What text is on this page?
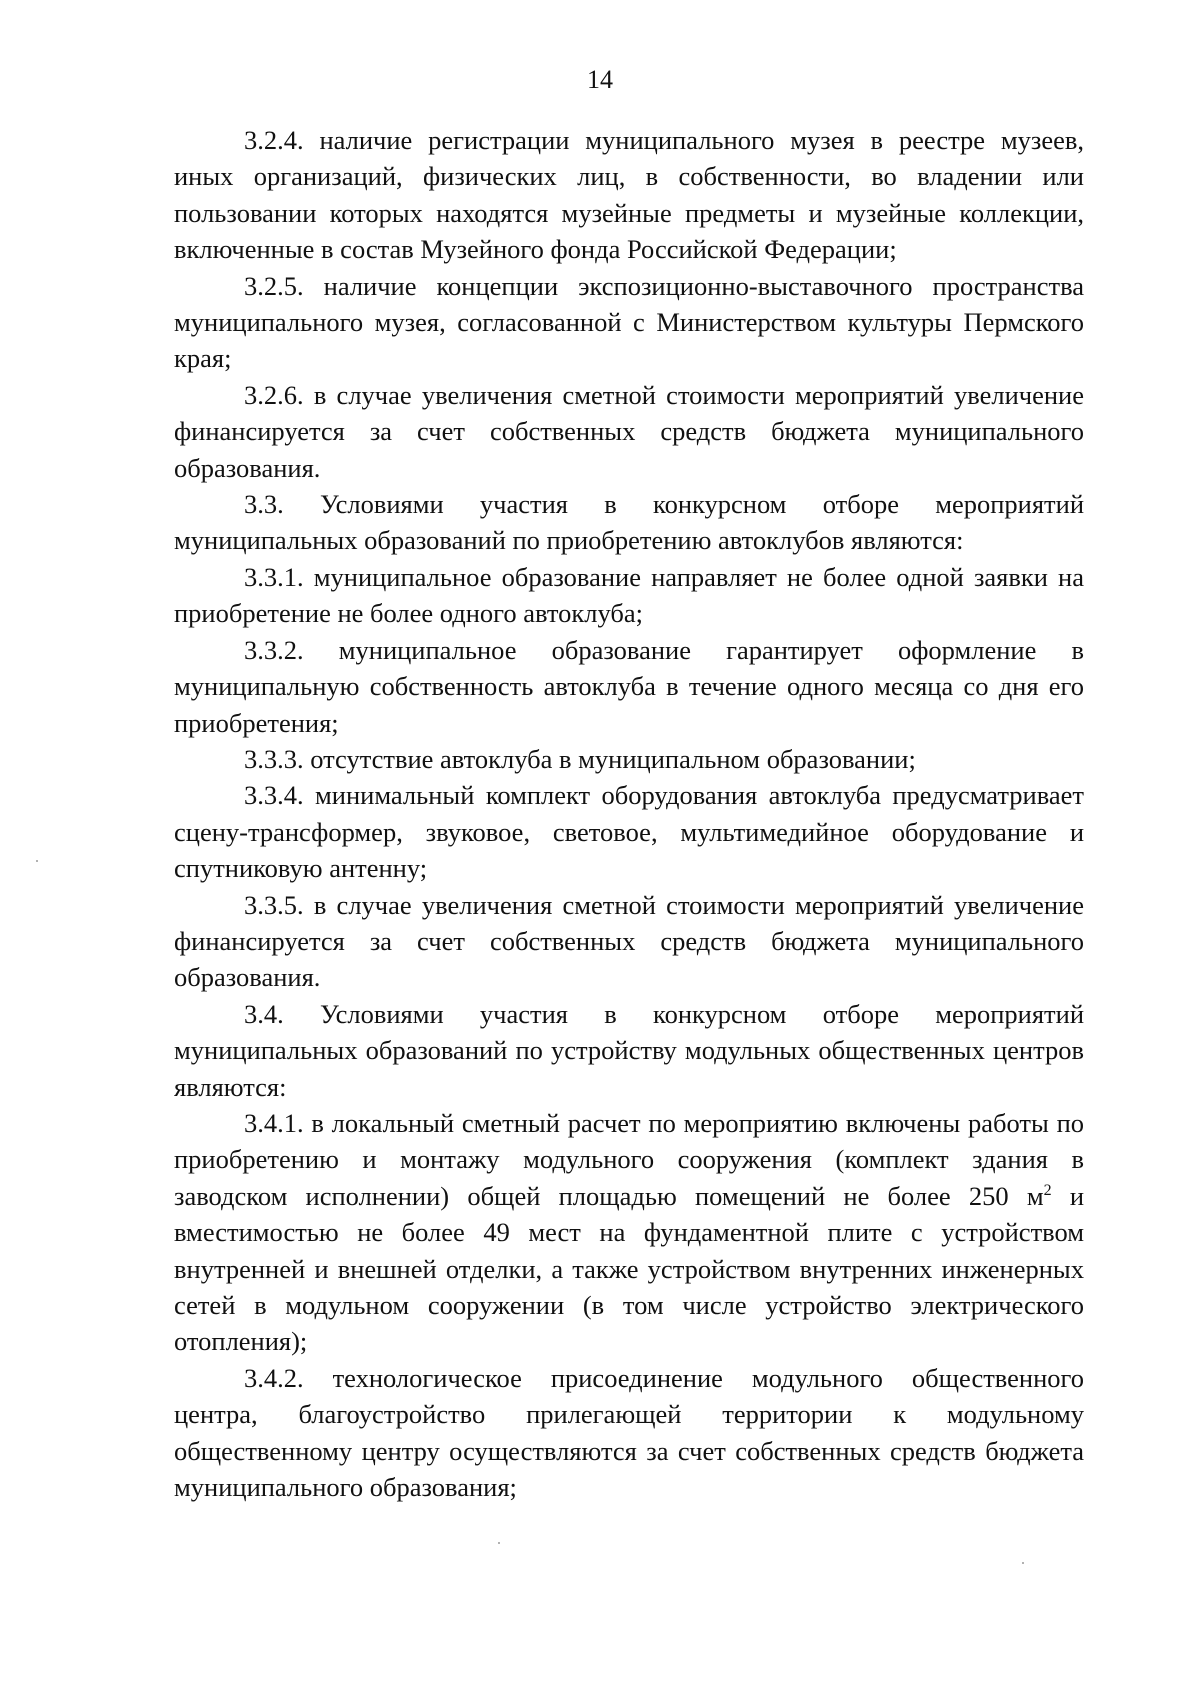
14

3.2.4. наличие регистрации муниципального музея в реестре музеев, иных организаций, физических лиц, в собственности, во владении или пользовании которых находятся музейные предметы и музейные коллекции, включенные в состав Музейного фонда Российской Федерации;

3.2.5. наличие концепции экспозиционно-выставочного пространства муниципального музея, согласованной с Министерством культуры Пермского края;

3.2.6. в случае увеличения сметной стоимости мероприятий увеличение финансируется за счет собственных средств бюджета муниципального образования.

3.3. Условиями участия в конкурсном отборе мероприятий муниципальных образований по приобретению автоклубов являются:

3.3.1. муниципальное образование направляет не более одной заявки на приобретение не более одного автоклуба;

3.3.2. муниципальное образование гарантирует оформление в муниципальную собственность автоклуба в течение одного месяца со дня его приобретения;

3.3.3. отсутствие автоклуба в муниципальном образовании;

3.3.4. минимальный комплект оборудования автоклуба предусматривает сцену-трансформер, звуковое, световое, мультимедийное оборудование и спутниковую антенну;

3.3.5. в случае увеличения сметной стоимости мероприятий увеличение финансируется за счет собственных средств бюджета муниципального образования.

3.4. Условиями участия в конкурсном отборе мероприятий муниципальных образований по устройству модульных общественных центров являются:

3.4.1. в локальный сметный расчет по мероприятию включены работы по приобретению и монтажу модульного сооружения (комплект здания в заводском исполнении) общей площадью помещений не более 250 $м^2$ и вместимостью не более 49 мест на фундаментной плите с устройством внутренней и внешней отделки, а также устройством внутренних инженерных сетей в модульном сооружении (в том числе устройство электрического отопления);

3.4.2. технологическое присоединение модульного общественного центра, благоустройство прилегающей территории к модульному общественному центру осуществляются за счет собственных средств бюджета муниципального образования;
